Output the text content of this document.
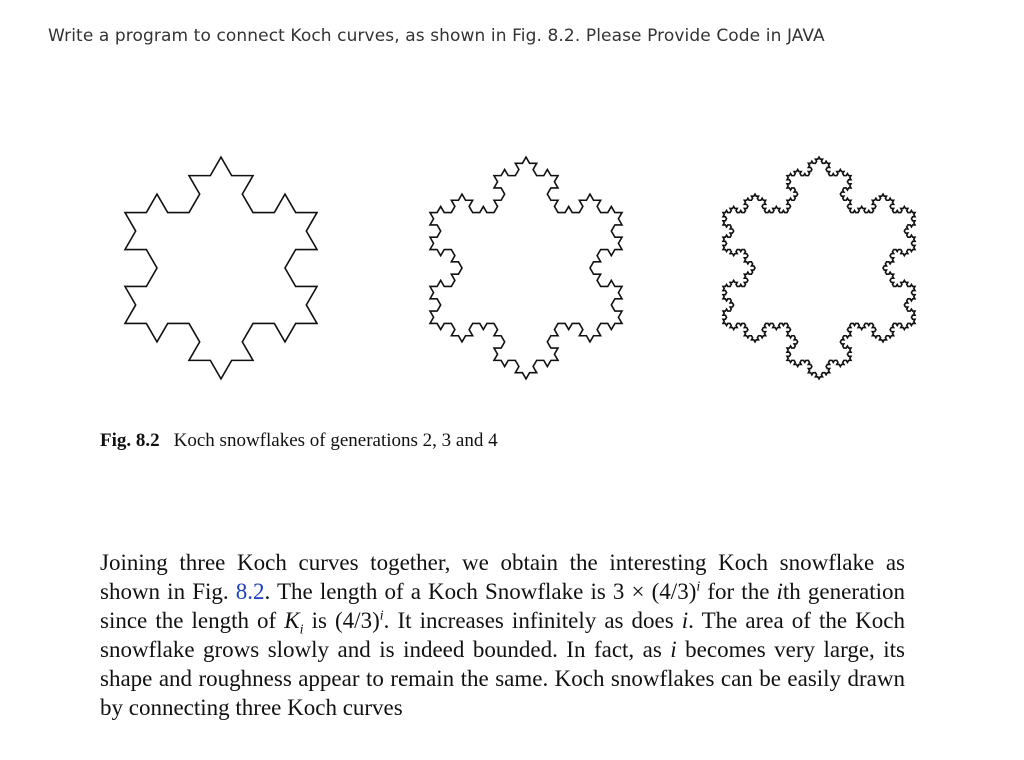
Write a program to connect Koch curves, as shown in Fig. 8.2. Please Provide Code in JAVA
Fig. 8.2 Koch snowflakes of generations 2, 3 and 4
Joining three Koch curves together, we obtain the interesting Koch snowflake as shown in Fig. 8.2. The length of a Koch Snowflake is $3 \times (4/3)^i$ for the ith generation since the length of $K_i$ is $(4/3)^i$. It increases infinitely as does i. The area of the Koch snowflake grows slowly and is indeed bounded. In fact, as i becomes very large, its shape and roughness appear to remain the same. Koch snowflakes can be easily drawn by connecting three Koch curves
